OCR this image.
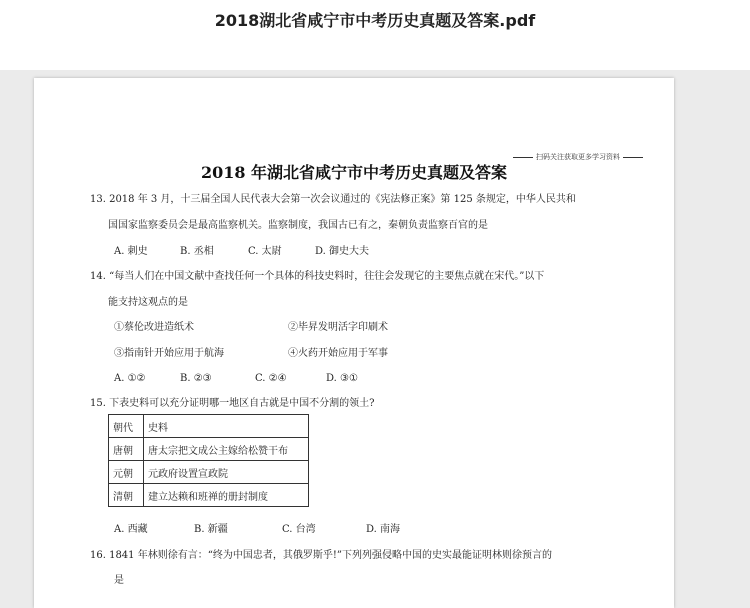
2018湖北省咸宁市中考历史真题及答案.pdf
扫码关注获取更多学习资料
2018 年湖北省咸宁市中考历史真题及答案
13. 2018 年 3 月，十三届全国人民代表大会第一次会议通过的《宪法修正案》第 125 条规定，中华人民共和
国国家监察委员会是最高监察机关。监察制度，我国古已有之，秦朝负责监察百官的是
A. 刺史	B. 丞相	C. 太尉	D. 御史大夫
14. “每当人们在中国文献中查找任何一个具体的科技史料时，往往会发现它的主要焦点就在宋代。”以下
能支持这观点的是
①蔡伦改进造纸术	②毕昇发明活字印刷术
③指南针开始应用于航海	④火药开始应用于军事
A. ①②	B. ②③	C. ②④	D. ③①
15. 下表史料可以充分证明哪一地区自古就是中国不分割的领土?
朝代	史料
唐朝	唐太宗把文成公主嫁给松赞干布
元朝	元政府设置宣政院
清朝	建立达赖和班禅的册封制度
A. 西藏	B. 新疆	C. 台湾	D. 南海
16. 1841 年林则徐有言：“终为中国忠者，其俄罗斯乎!”下列列强侵略中国的史实最能证明林则徐预言的
是
